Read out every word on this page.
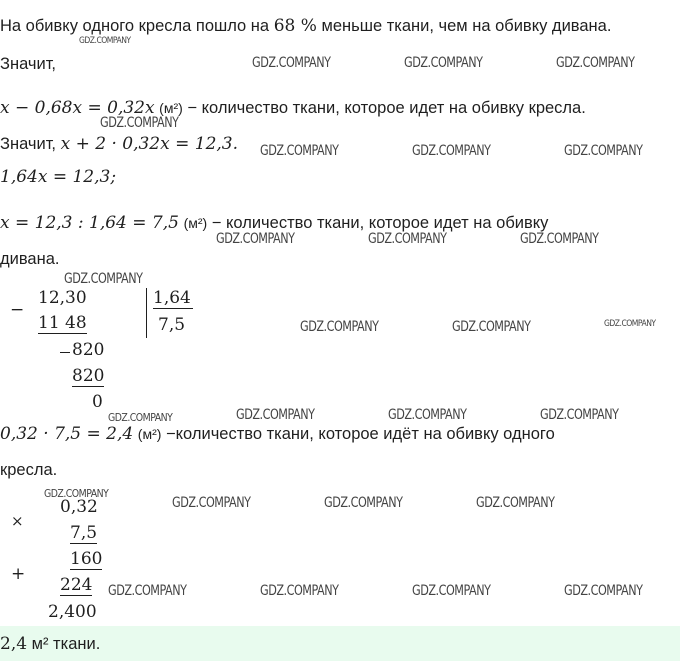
GDZ.COMPANY
GDZ.COMPANY	GDZ.COMPANY	GDZ.COMPANY
GDZ.COMPANY
GDZ.COMPANY	GDZ.COMPANY	GDZ.COMPANY
GDZ.COMPANY	GDZ.COMPANY	GDZ.COMPANY
GDZ.COMPANY
GDZ.COMPANY	GDZ.COMPANY	GDZ.COMPANY
GDZ.COMPANY	GDZ.COMPANY	GDZ.COMPANY	GDZ.COMPANY
GDZ.COMPANY
GDZ.COMPANY	GDZ.COMPANY	GDZ.COMPANY
GDZ.COMPANY	GDZ.COMPANY	GDZ.COMPANY	GDZ.COMPANY
На обивку одного кресла пошло на 68 % меньше ткани, чем на обивку дивана.
Значит,
x − 0,68x = 0,32x (м²) − количество ткани, которое идет на обивку кресла.
Значит, x + 2 · 0,32x = 12,3.
1,64x = 12,3;
x = 12,3 : 1,64 = 7,5 (м²) − количество ткани, которое идет на обивку
дивана.
−
12,30
11 48
820
820
0
1,64
7,5
0,32 · 7,5 = 2,4 (м²) −количество ткани, которое идёт на обивку одного
кресла.
×
0,32
7,5
160
+
224
2,400
2,4 м² ткани.
